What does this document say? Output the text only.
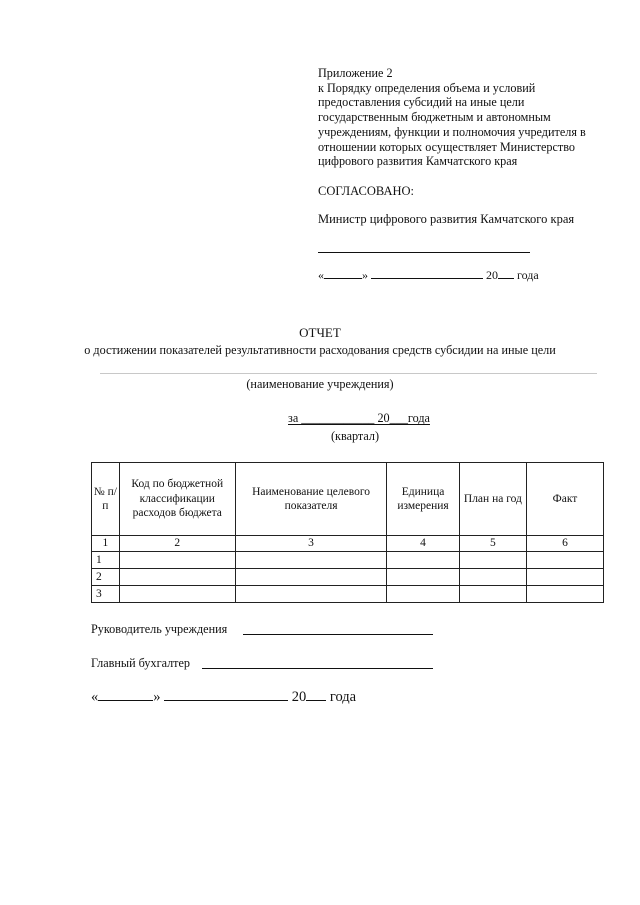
Приложение 2
к Порядку определения объема и условий
предоставления субсидий на иные цели
государственным бюджетным и автономным
учреждениям, функции и полномочия учредителя в
отношении которых осуществляет Министерство
цифрового развития Камчатского края
СОГЛАСОВАНО:
Министр цифрового развития Камчатского края
«	»	20 года
ОТЧЕТ
о достижении показателей результативности расходования средств субсидии на иные цели
(наименование учреждения)
за ____________ 20___года
(квартал)
№ п/п	Код по бюджетной классификации расходов бюджета	Наименование целевого показателя	Единица измерения	План на год	Факт
1	2	3	4	5	6
1					
2					
3					
Руководитель учреждения
Главный бухгалтер
«	»	20 года
